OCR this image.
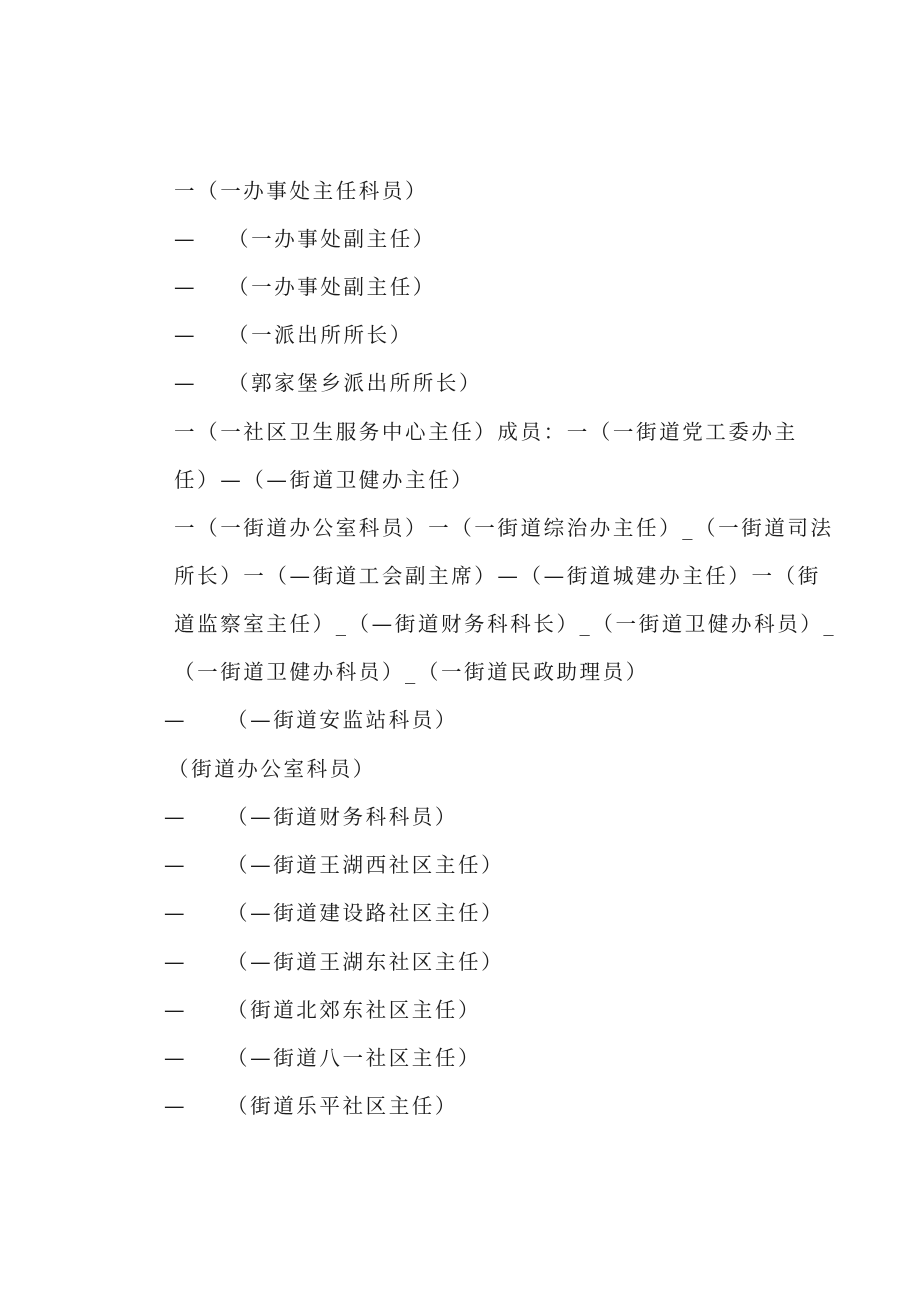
一（一办事处主任科员）
— （一办事处副主任）
— （一办事处副主任）
— （一派出所所长）
— （郭家堡乡派出所所长）
一（一社区卫生服务中心主任）成员：一（一街道党工委办主
任）—（—街道卫健办主任）
一（一街道办公室科员）一（一街道综治办主任）_（一街道司法
所长）一（—街道工会副主席）—（—街道城建办主任）一（街
道监察室主任）_（—街道财务科科长）_（一街道卫健办科员）_
（一街道卫健办科员）_（一街道民政助理员）
— （—街道安监站科员）
（街道办公室科员）
— （—街道财务科科员）
— （—街道王湖西社区主任）
— （—街道建设路社区主任）
— （—街道王湖东社区主任）
— （街道北郊东社区主任）
— （—街道八一社区主任）
— （街道乐平社区主任）
